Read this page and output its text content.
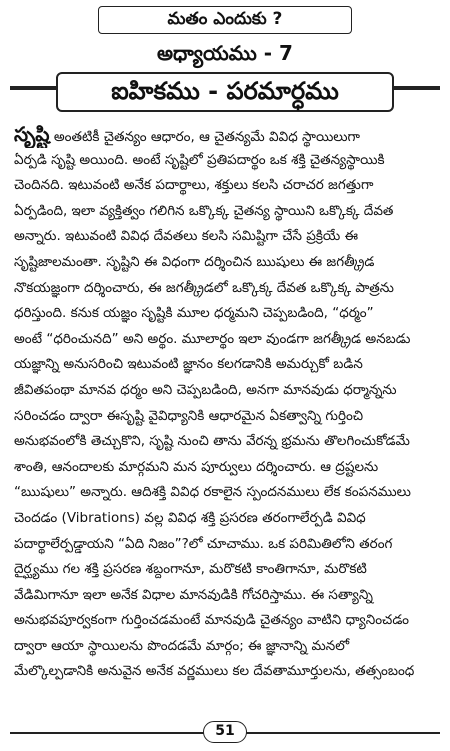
మతం ఎందుకు ?
అధ్యాయము - 7
ఐహికము - పరమార్ధము
సృష్టి అంతటికీ చైతన్యం ఆధారం, ఆ చైతన్యమే వివిధ స్థాయిలుగా
ఏర్పడి సృష్టి అయింది. అంటే సృష్టిలో ప్రతిపదార్థం ఒక శక్తి చైతన్యస్థాయికి
చెందినది. ఇటువంటి అనేక పదార్థాలు, శక్తులు కలసి చరాచర జగత్తుగా
ఏర్పడింది, ఇలా వ్యక్తిత్వం గలిగిన ఒక్కొక్క చైతన్య స్థాయిని ఒక్కొక్క దేవత
అన్నారు. ఇటువంటి వివిధ దేవతలు కలసి సమిష్టిగా చేసే ప్రక్రియే ఈ
సృష్టిజాలమంతా. సృష్టిని ఈ విధంగా దర్శించిన ఋషులు ఈ జగత్క్రీడ
నొకయజ్ఞంగా దర్శించారు, ఈ జగత్క్రీడలో ఒక్కొక్క దేవత ఒక్కొక్క పాత్రను
ధరిస్తుంది. కనుక యజ్ఞం సృష్టికి మూల ధర్మమని చెప్పబడింది, “ధర్మం”
అంటే “ధరించునది” అని అర్థం. మూలార్థం ఇలా వుండగా జగత్క్రీడ అనబడు
యజ్ఞాన్ని అనుసరించి ఇటువంటి జ్ఞానం కలగడానికి అమర్చుకో బడిన
జీవితపంథా మానవ ధర్మం అని చెప్పబడింది, అనగా మానవుడు ధర్మాన్నను
సరించడం ద్వారా ఈసృష్టి వైవిధ్యానికి ఆధారమైన ఏకత్వాన్ని గుర్తించి
అనుభవంలోకి తెచ్చుకొని, సృష్టి నుంచి తాను వేరన్న భ్రమను తొలగించుకోడమే
శాంతి, ఆనందాలకు మార్గమని మన పూర్వులు దర్శించారు. ఆ ద్రష్టలను
“ఋషులు” అన్నారు. ఆదిశక్తి వివిధ రకాలైన స్పందనములు లేక కంపనములు
చెందడం (Vibrations) వల్ల వివిధ శక్తి ప్రసరణ తరంగాలేర్పడి వివిధ
పదార్థాలేర్పడ్డాయని “ఏది నిజం”?లో చూచాము. ఒక పరిమితిలోని తరంగ
దైర్ఘ్యము గల శక్తి ప్రసరణ శబ్దంగానూ, మరొకటి కాంతిగానూ, మరొకటి
వేడిమిగానూ ఇలా అనేక విధాల మానవుడికి గోచరిస్తాము. ఈ సత్యాన్ని
అనుభవపూర్వకంగా గుర్తించడమంటే మానవుడి చైతన్యం వాటిని ధ్యానించడం
ద్వారా ఆయా స్థాయిలను పొందడమే మార్గం; ఈ జ్ఞానాన్ని మనలో
మేల్కొల్పడానికి అనువైన అనేక వర్ణములు కల దేవతామూర్తులను, తత్సంబంధ
51
